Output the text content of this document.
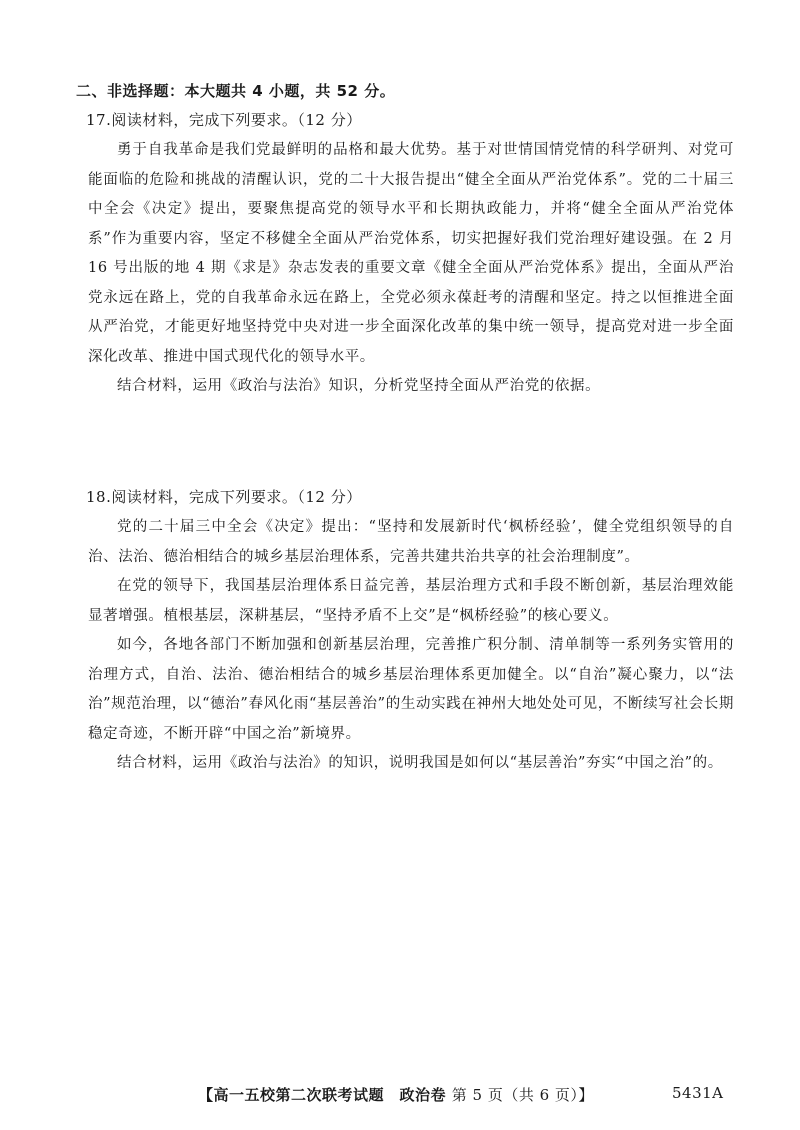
二、非选择题：本大题共 4 小题，共 52 分。
17.阅读材料，完成下列要求。（12 分）

勇于自我革命是我们党最鲜明的品格和最大优势。基于对世情国情党情的科学研判、对党可能面临的危险和挑战的清醒认识，党的二十大报告提出“健全全面从严治党体系”。党的二十届三中全会《决定》提出，要聚焦提高党的领导水平和长期执政能力，并将“健全全面从严治党体系”作为重要内容，坚定不移健全全面从严治党体系，切实把握好我们党治理好建设强。在 2 月 16 号出版的地 4 期《求是》杂志发表的重要文章《健全全面从严治党体系》提出，全面从严治党永远在路上，党的自我革命永远在路上，全党必须永葆赶考的清醒和坚定。持之以恒推进全面从严治党，才能更好地坚持党中央对进一步全面深化改革的集中统一领导，提高党对进一步全面深化改革、推进中国式现代化的领导水平。

结合材料，运用《政治与法治》知识，分析党坚持全面从严治党的依据。

18.阅读材料，完成下列要求。（12 分）

党的二十届三中全会《决定》提出：“坚持和发展新时代‘枫桥经验’，健全党组织领导的自治、法治、德治相结合的城乡基层治理体系，完善共建共治共享的社会治理制度”。

在党的领导下，我国基层治理体系日益完善，基层治理方式和手段不断创新，基层治理效能显著增强。植根基层，深耕基层，“坚持矛盾不上交”是“枫桥经验”的核心要义。

如今，各地各部门不断加强和创新基层治理，完善推广积分制、清单制等一系列务实管用的治理方式，自治、法治、德治相结合的城乡基层治理体系更加健全。以“自治”凝心聚力，以“法治”规范治理，以“德治”春风化雨“基层善治”的生动实践在神州大地处处可见，不断续写社会长期稳定奇迹，不断开辟“中国之治”新境界。

结合材料，运用《政治与法治》的知识，说明我国是如何以“基层善治”夯实“中国之治”的。

【高一五校第二次联考试题　政治卷 第 5 页（共 6 页）】	5431A
